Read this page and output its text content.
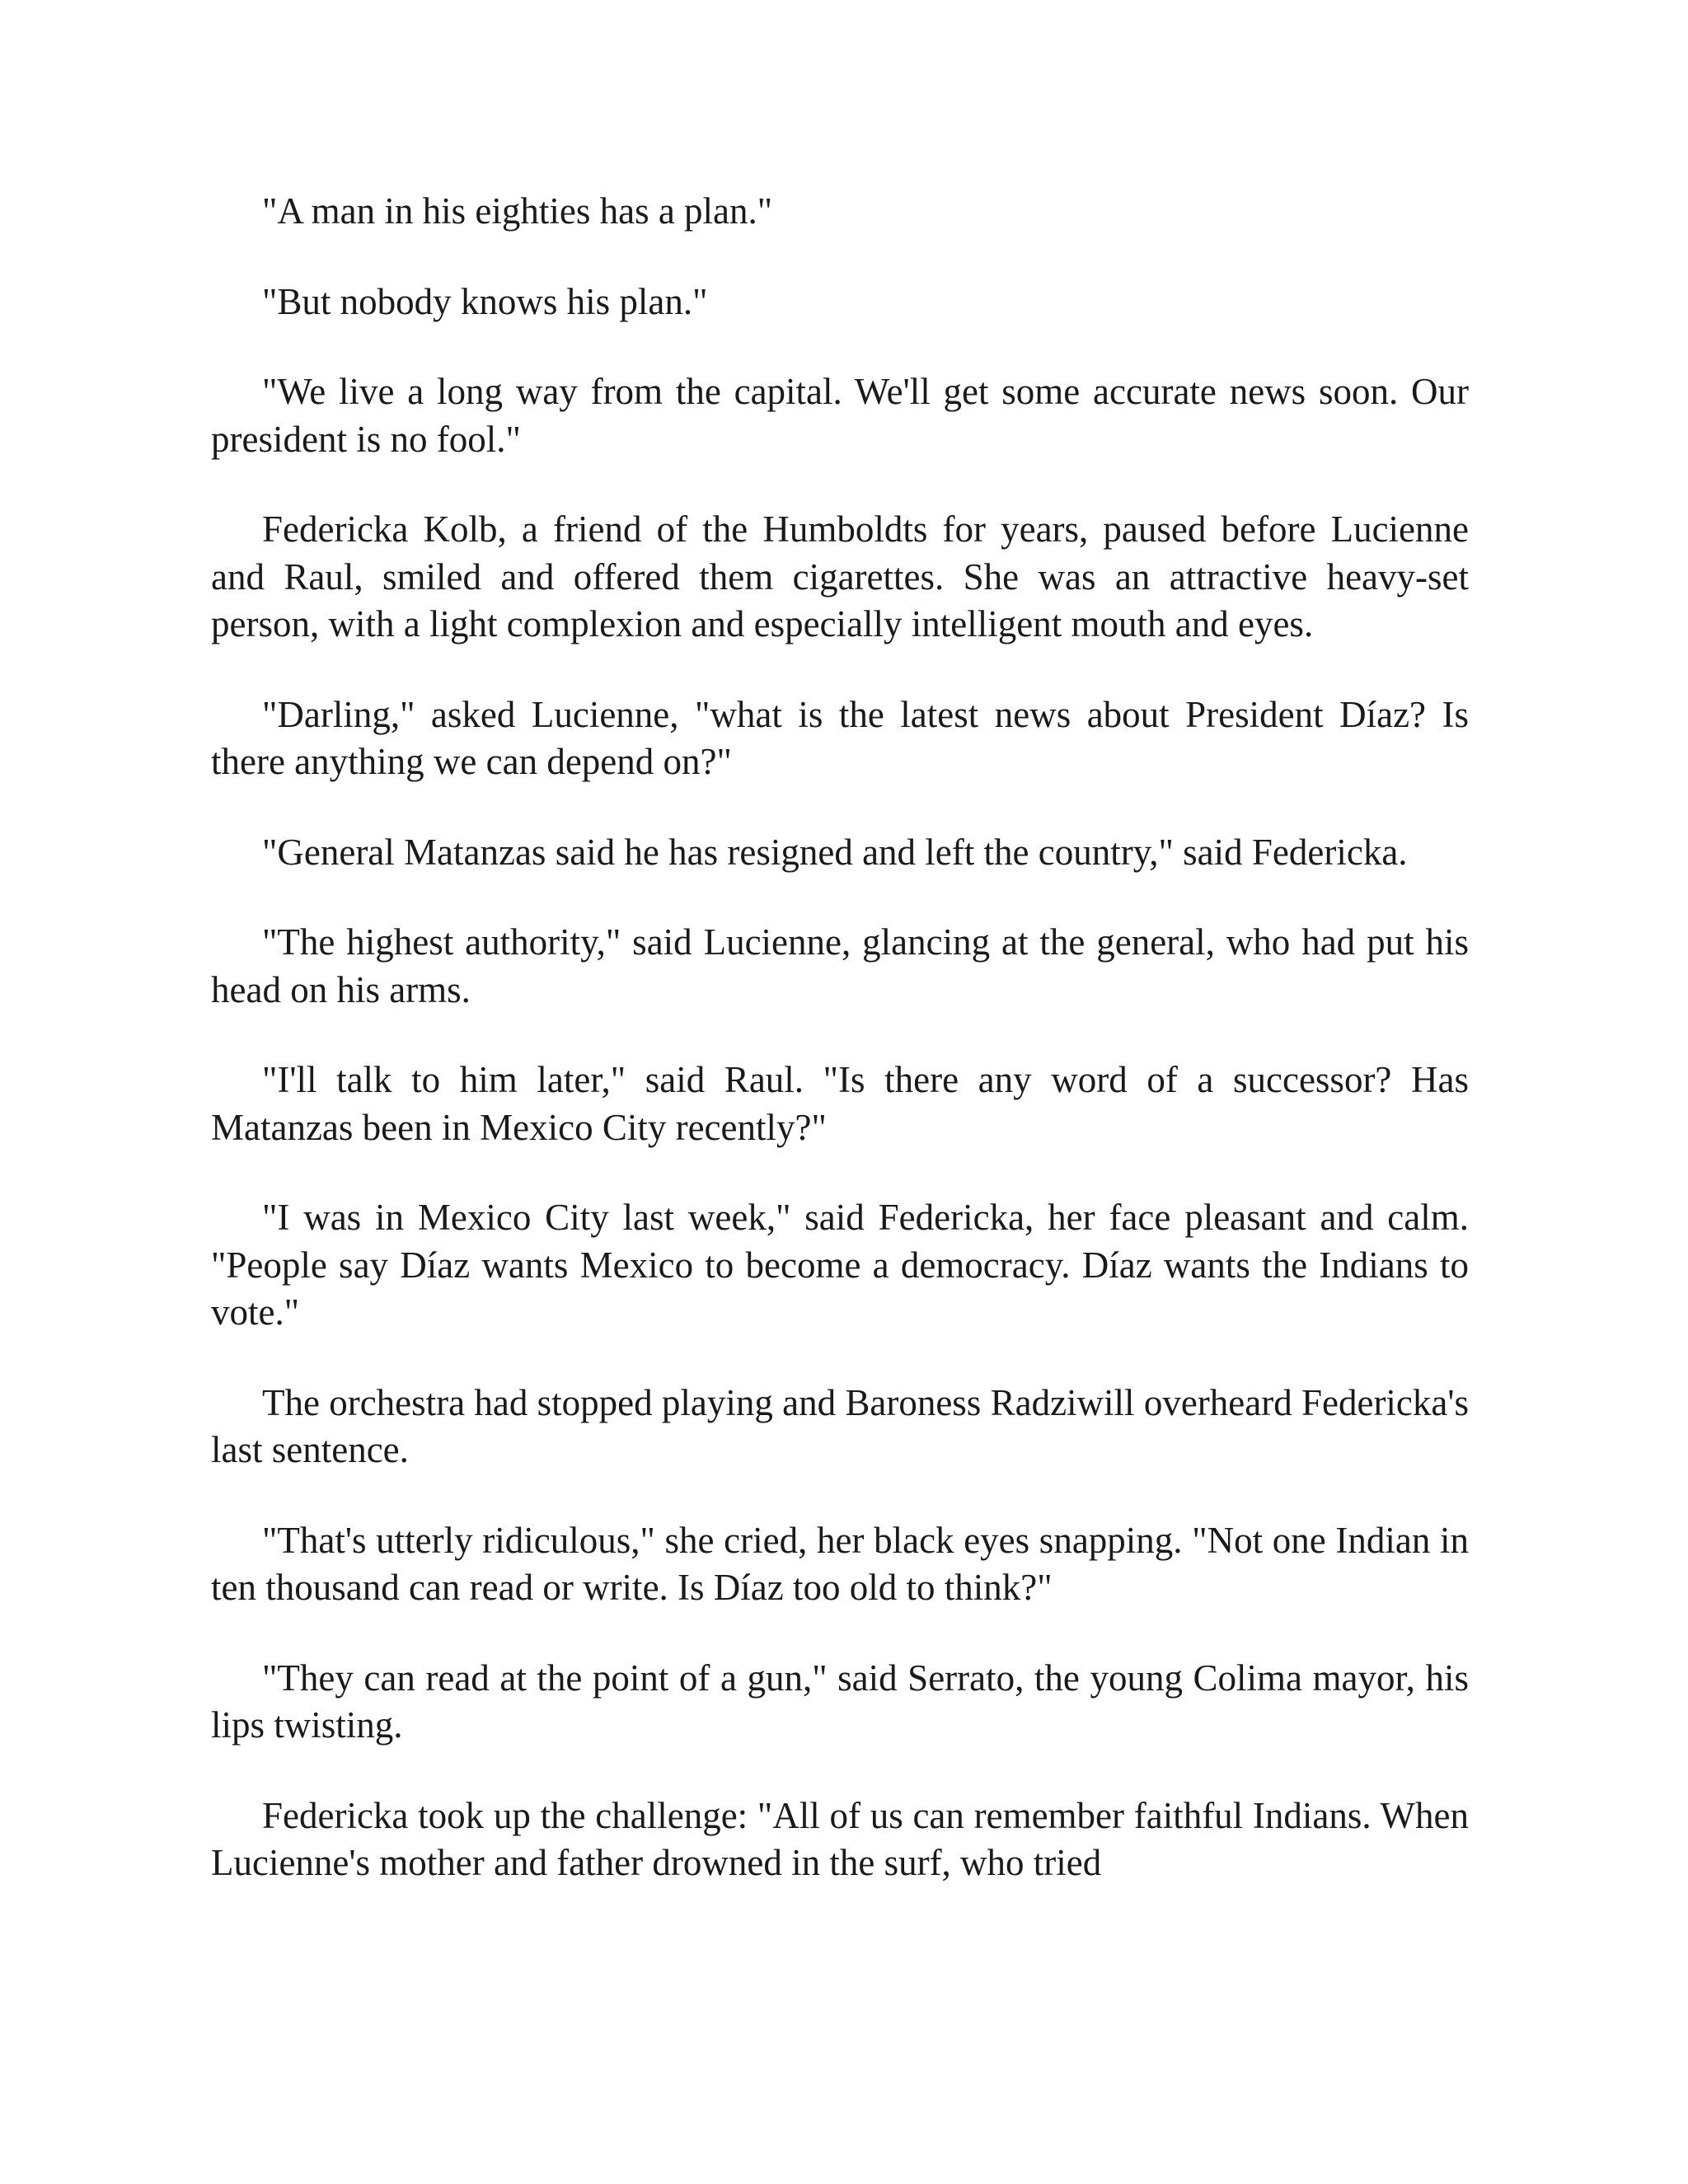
"A man in his eighties has a plan."

"But nobody knows his plan."

"We live a long way from the capital. We'll get some accurate news soon. Our president is no fool."

Federicka Kolb, a friend of the Humboldts for years, paused before Lucienne and Raul, smiled and offered them cigarettes. She was an attractive heavy-set person, with a light complexion and especially intelligent mouth and eyes.

"Darling," asked Lucienne, "what is the latest news about President Díaz? Is there anything we can depend on?"

"General Matanzas said he has resigned and left the country," said Federicka.

"The highest authority," said Lucienne, glancing at the general, who had put his head on his arms.

"I'll talk to him later," said Raul. "Is there any word of a successor? Has Matanzas been in Mexico City recently?"

"I was in Mexico City last week," said Federicka, her face pleasant and calm. "People say Díaz wants Mexico to become a democracy. Díaz wants the Indians to vote."

The orchestra had stopped playing and Baroness Radziwill overheard Federicka's last sentence.

"That's utterly ridiculous," she cried, her black eyes snapping. "Not one Indian in ten thousand can read or write. Is Díaz too old to think?"

"They can read at the point of a gun," said Serrato, the young Colima mayor, his lips twisting.

Federicka took up the challenge: "All of us can remember faithful Indians. When Lucienne's mother and father drowned in the surf, who tried
